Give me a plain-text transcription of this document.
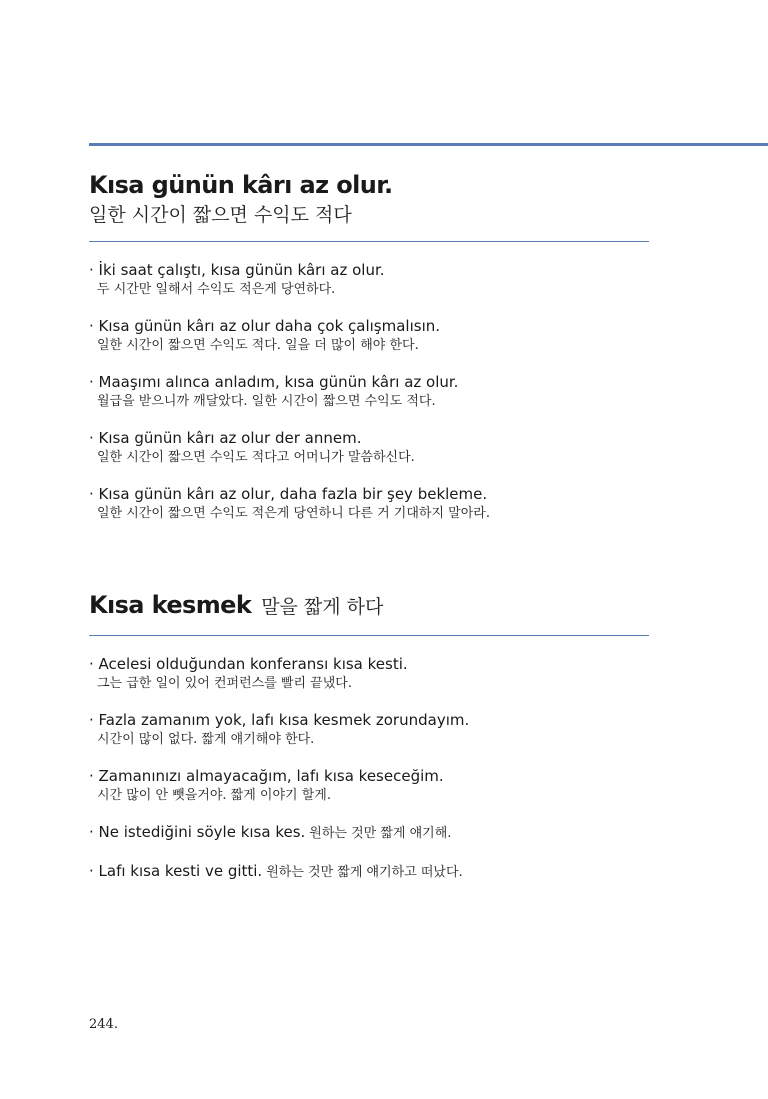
Kısa günün kârı az olur.
일한 시간이 짧으면 수익도 적다
· İki saat çalıştı, kısa günün kârı az olur.
두 시간만 일해서 수익도 적은게 당연하다.
· Kısa günün kârı az olur daha çok çalışmalısın.
일한 시간이 짧으면 수익도 적다. 일을 더 많이 해야 한다.
· Maaşımı alınca anladım, kısa günün kârı az olur.
월급을 받으니까 깨달았다. 일한 시간이 짧으면 수익도 적다.
· Kısa günün kârı az olur der annem.
일한 시간이 짧으면 수익도 적다고 어머니가 말씀하신다.
· Kısa günün kârı az olur, daha fazla bir şey bekleme.
일한 시간이 짧으면 수익도 적은게 당연하니 다른 거 기대하지 말아라.
Kısa kesmek 말을 짧게 하다
· Acelesi olduğundan konferansı kısa kesti.
그는 급한 일이 있어 컨퍼런스를 빨리 끝냈다.
· Fazla zamanım yok, lafı kısa kesmek zorundayım.
시간이 많이 없다. 짧게 얘기해야 한다.
· Zamanınızı almayacağım, lafı kısa keseceğim.
시간 많이 안 뺏을거야. 짧게 이야기 할게.
· Ne istediğini söyle kısa kes. 원하는 것만 짧게 얘기해.
· Lafı kısa kesti ve gitti. 원하는 것만 짧게 얘기하고 떠났다.
244.
